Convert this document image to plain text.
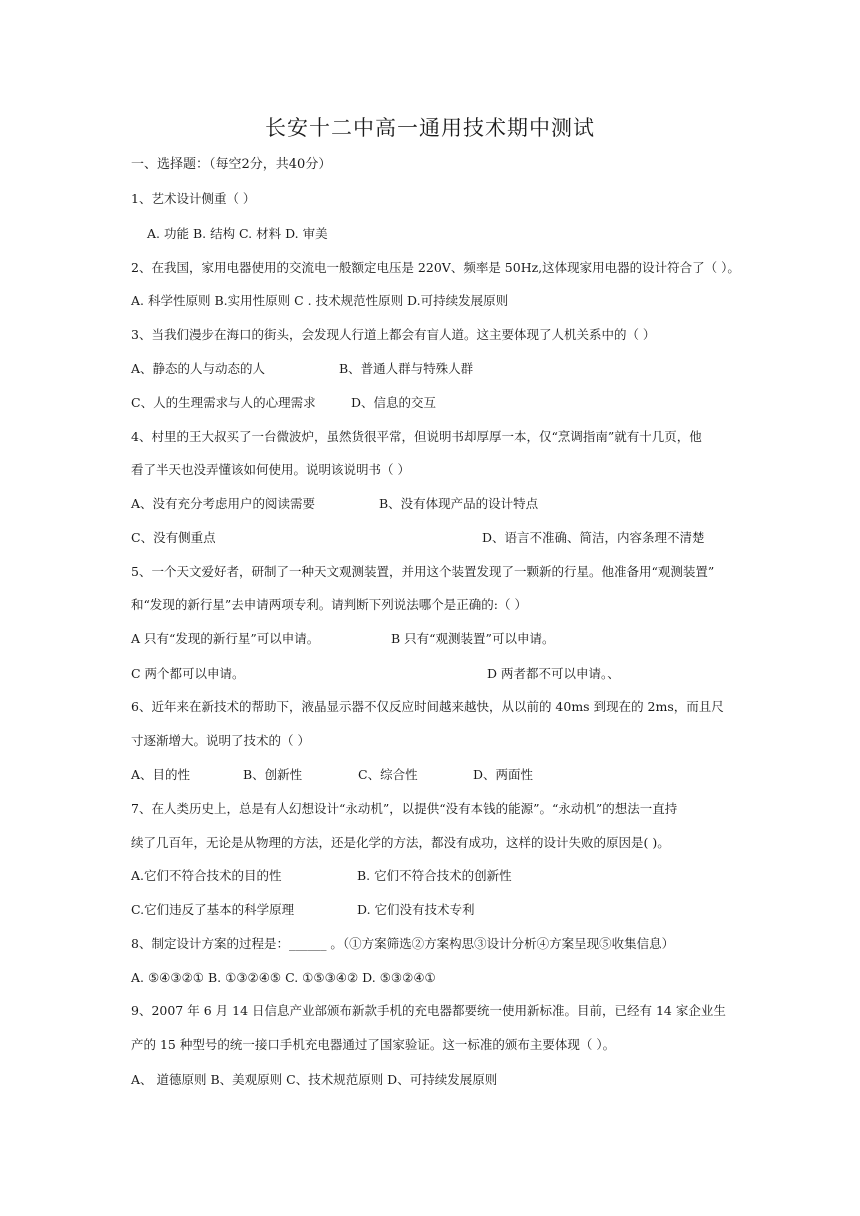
长安十二中高一通用技术期中测试
一、选择题：（每空2分，共40分）
1、艺术设计侧重（ ）
A. 功能 B. 结构 C. 材料 D. 审美
2、在我国，家用电器使用的交流电一般额定电压是 220V、频率是 50Hz,这体现家用电器的设计符合了（ ）。
A. 科学性原则 B.实用性原则 C . 技术规范性原则 D.可持续发展原则
3、当我们漫步在海口的街头，会发现人行道上都会有盲人道。这主要体现了人机关系中的（ ）
A、静态的人与动态的人	B、普通人群与特殊人群
C、人的生理需求与人的心理需求	D、信息的交互
4、村里的王大叔买了一台微波炉，虽然货很平常，但说明书却厚厚一本，仅“烹调指南”就有十几页，他
看了半天也没弄懂该如何使用。说明该说明书（ ）
A、没有充分考虑用户的阅读需要	B、没有体现产品的设计特点
C、没有侧重点	D、语言不准确、简洁，内容条理不清楚
5、一个天文爱好者，研制了一种天文观测装置，并用这个装置发现了一颗新的行星。他准备用“观测装置”
和“发现的新行星”去申请两项专利。请判断下列说法哪个是正确的:（ ）
A 只有“发现的新行星”可以申请。	B 只有“观测装置”可以申请。
C 两个都可以申请。	D 两者都不可以申请。、
6、近年来在新技术的帮助下，液晶显示器不仅反应时间越来越快，从以前的 40ms 到现在的 2ms，而且尺
寸逐渐增大。说明了技术的（ ）
A、目的性	B、创新性	C、综合性	D、两面性
7、在人类历史上，总是有人幻想设计“永动机”，以提供“没有本钱的能源”。“永动机”的想法一直持
续了几百年，无论是从物理的方法，还是化学的方法，都没有成功，这样的设计失败的原因是( )。
A.它们不符合技术的目的性	B. 它们不符合技术的创新性
C.它们违反了基本的科学原理	D. 它们没有技术专利
8、制定设计方案的过程是：______ 。（①方案筛选②方案构思③设计分析④方案呈现⑤收集信息）
A. ⑤④③②① B. ①③②④⑤ C. ①⑤③④② D. ⑤③②④①
9、2007 年 6 月 14 日信息产业部颁布新款手机的充电器都要统一使用新标准。目前，已经有 14 家企业生
产的 15 种型号的统一接口手机充电器通过了国家验证。这一标准的颁布主要体现（ ）。
A、 道德原则 B、美观原则 C、技术规范原则 D、可持续发展原则
